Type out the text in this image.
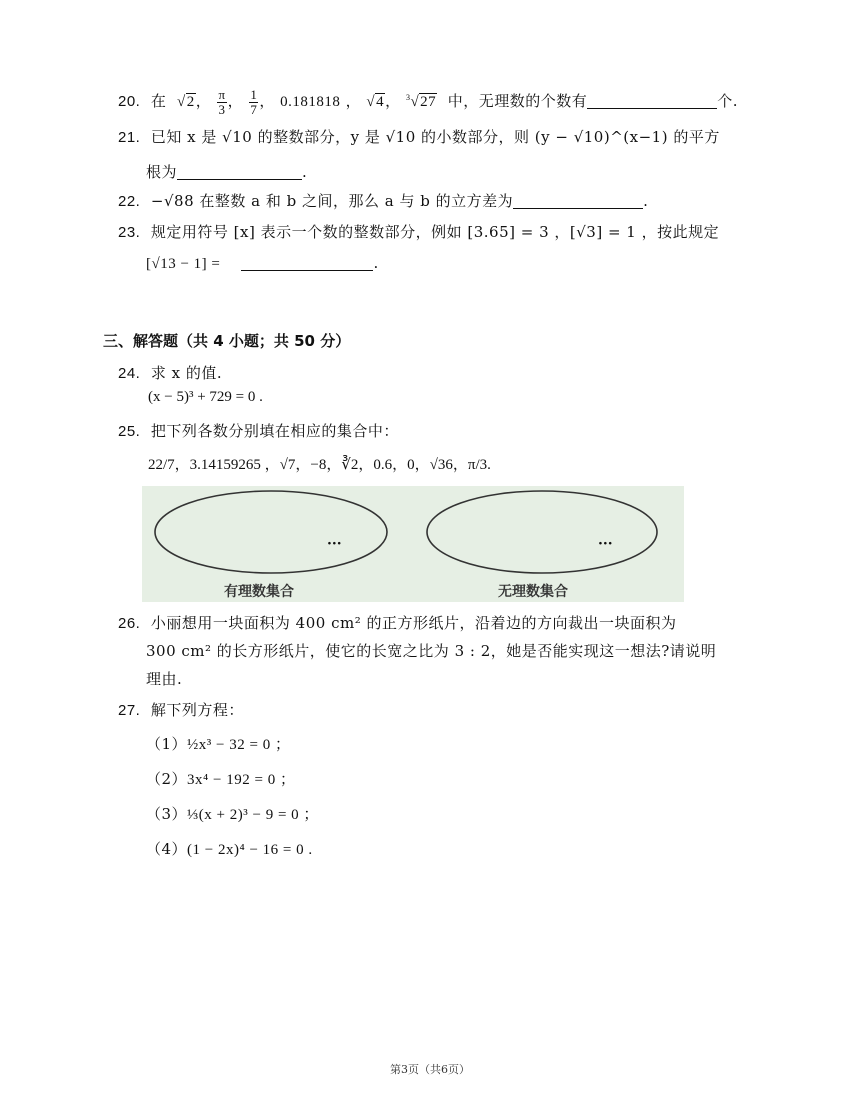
20. 在 √2， $\frac{\pi}{3}$ ， $\frac{1}{7}$ ， 0.181818 ， √4， $^3$√27 中，无理数的个数有	个.
21. 已知 x 是 √10 的整数部分，y 是 √10 的小数部分，则 (y − √10)^(x−1) 的平方
根为	.
22. −√88 在整数 a 和 b 之间，那么 a 与 b 的立方差为	.
23. 规定用符号 [x] 表示一个数的整数部分，例如 [3.65] = 3 ，[√3] = 1 ，按此规定
[√13 − 1] =	.
三、解答题（共 4 小题；共 50 分）
24. 求 x 的值.
(x − 5)³ + 729 = 0 .
25. 把下列各数分别填在相应的集合中：
22/7，3.14159265 ，√7，−8，∛2，0.6，0，√36，π/3.
···	···
有理数集合	无理数集合
26. 小丽想用一块面积为 400 cm² 的正方形纸片，沿着边的方向裁出一块面积为
300 cm² 的长方形纸片，使它的长宽之比为 3 : 2，她是否能实现这一想法?请说明
理由.
27. 解下列方程：
（1）½x³ − 32 = 0 ；
（2）3x⁴ − 192 = 0 ；
（3）⅓(x + 2)³ − 9 = 0 ；
（4）(1 − 2x)⁴ − 16 = 0 .
第3页（共6页）
